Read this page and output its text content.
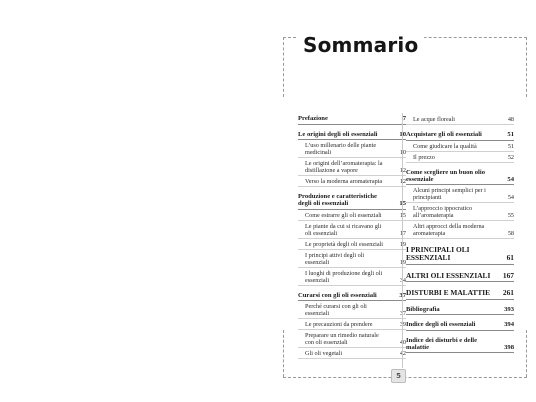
Sommario
Prefazione	7
Le origini degli oli essenziali	10
L’uso millenario delle piante medicinali	10
Le origini dell’aromaterapia: la distillazione a vapore	12
Verso la moderna aromaterapia	12
Produzione e caratteristiche degli oli essenziali	15
Come estrarre gli oli essenziali	15
Le piante da cui si ricavano gli oli essenziali	17
Le proprietà degli oli essenziali	19
I principi attivi degli oli essenziali	19
I luoghi di produzione degli oli essenziali	34
Curarsi con gli oli essenziali	37
Perché curarsi con gli oli essenziali	37
Le precauzioni da prendere	39
Preparare un rimedio naturale con oli essenziali	40
Gli oli vegetali	42
Le acque floreali	48
Acquistare gli oli essenziali	51
Come giudicare la qualità	51
Il prezzo	52
Come scegliere un buon olio essenziale	54
Alcuni principi semplici per i principianti	54
L’approccio ippocratico all’aromaterapia	55
Altri approcci della moderna aromaterapia	58
I PRINCIPALI OLI ESSENZIALI	61
ALTRI OLI ESSENZIALI	167
DISTURBI E MALATTIE	261
Bibliografia	393
Indice degli oli essenziali	394
Indice dei disturbi e delle malattie	398
5
